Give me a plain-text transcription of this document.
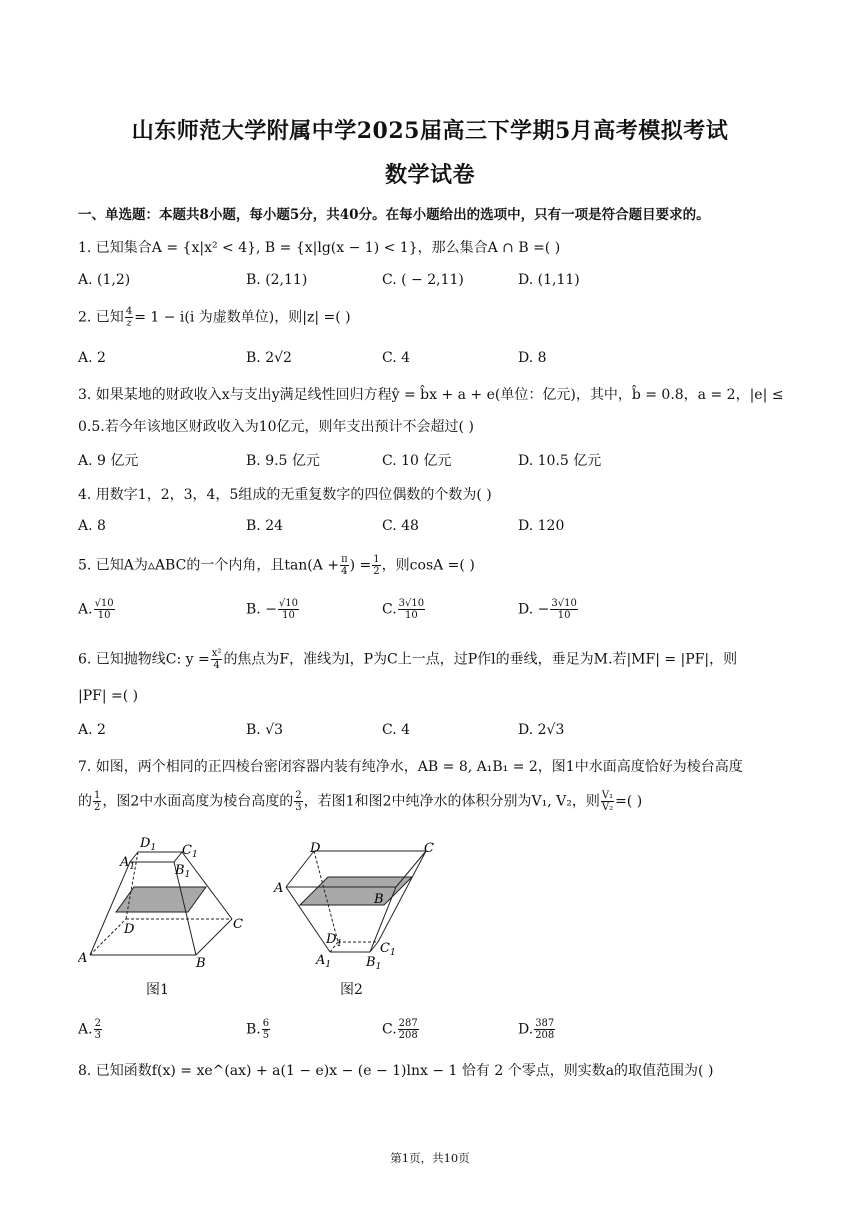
山东师范大学附属中学2025届高三下学期5月高考模拟考试
数学试卷
一、单选题：本题共8小题，每小题5分，共40分。在每小题给出的选项中，只有一项是符合题目要求的。
1. 已知集合A = {x|x² < 4}, B = {x|lg(x − 1) < 1}，那么集合A ∩ B =( )
A. (1,2)	B. (2,11)	C. ( − 2,11)	D. (1,11)
2. 已知 $\frac{4}{z} = 1 - i(i$ 为虚数单位)，则|z| =( )
A. 2	B. 2√2	C. 4	D. 8
3. 如果某地的财政收入x与支出y满足线性回归方程ŷ = b̂x + a + e(单位：亿元)，其中，b̂ = 0.8，a = 2，|e| ≤
0.5.若今年该地区财政收入为10亿元，则年支出预计不会超过( )
A. 9 亿元	B. 9.5 亿元	C. 10 亿元	D. 10.5 亿元
4. 用数字1，2，3，4，5组成的无重复数字的四位偶数的个数为( )
A. 8	B. 24	C. 48	D. 120
5. 已知A为▵ABC的一个内角，且$\tan(A + \frac{\pi}{4}$ ) = $\frac{1}{2}$ ，则cosA =( )
A. $\frac{√10}{10}$	B. − $\frac{√10}{10}$	C. $\frac{3√10}{10}$	D. − $\frac{3√10}{10}$
6. 已知抛物线C: $y = \frac{\text{x²}}{4}$ 的焦点为F，准线为l，P为C上一点，过P作l的垂线，垂足为M.若|MF| = |PF|，则
|PF| =( )
A. 2	B. √3	C. 4	D. 2√3
7. 如图，两个相同的正四棱台密闭容器内装有纯净水，AB = 8, A₁B₁ = 2，图1中水面高度恰好为棱台高度
的 $\frac{1}{2}$ ，图2中水面高度为棱台高度的 $\frac{2}{3}$ ，若图1和图2中纯净水的体积分别为V₁, V₂，则 $\frac{\text{V₁}}{\text{V₂}}$ =( )
A	B
C
D
$A_1$	$B_1$
$C_1$
$D_1$
图1
D	C
A
B
$D_1$	$C_1$
$A_1$	$B_1$
图2
A. $\frac{2}{3}$	B. $\frac{6}{5}$	C. $\frac{287}{208}$	D. $\frac{387}{208}$
8. 已知函数f(x) = xe^(ax) + a(1 − e)x − (e − 1)lnx − 1 恰有 2 个零点，则实数a的取值范围为( )
第1页，共10页
